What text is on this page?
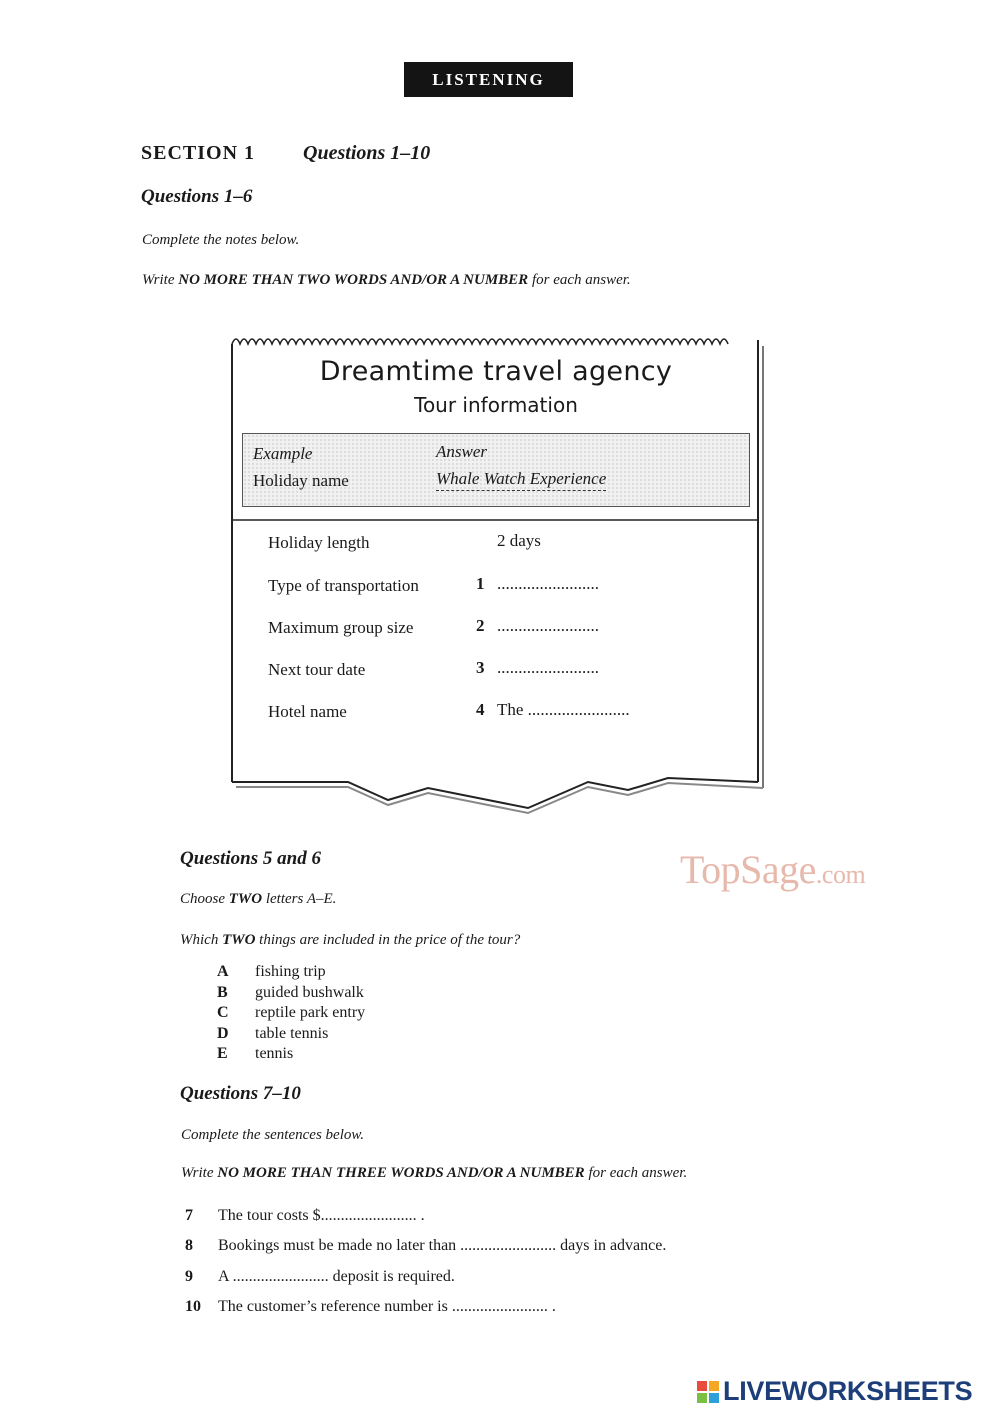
LISTENING
SECTION 1 Questions 1–10
Questions 1–6
Complete the notes below.
Write NO MORE THAN TWO WORDS AND/OR A NUMBER for each answer.
Dreamtime travel agency
Tour information
Example	Answer
Holiday name	Whale Watch Experience
Holiday length	2 days
Type of transportation	1 ........................
Maximum group size	2 ........................
Next tour date	3 ........................
Hotel name	4 The ........................
Questions 5 and 6
Choose TWO letters A–E.
Which TWO things are included in the price of the tour?
A	fishing trip
B	guided bushwalk
C	reptile park entry
D	table tennis
E	tennis
Questions 7–10
Complete the sentences below.
Write NO MORE THAN THREE WORDS AND/OR A NUMBER for each answer.
7	The tour costs $........................ .
8	Bookings must be made no later than ........................ days in advance.
9	A ........................ deposit is required.
10	The customer’s reference number is ........................ .
TopSage.com
LIVEWORKSHEETS
